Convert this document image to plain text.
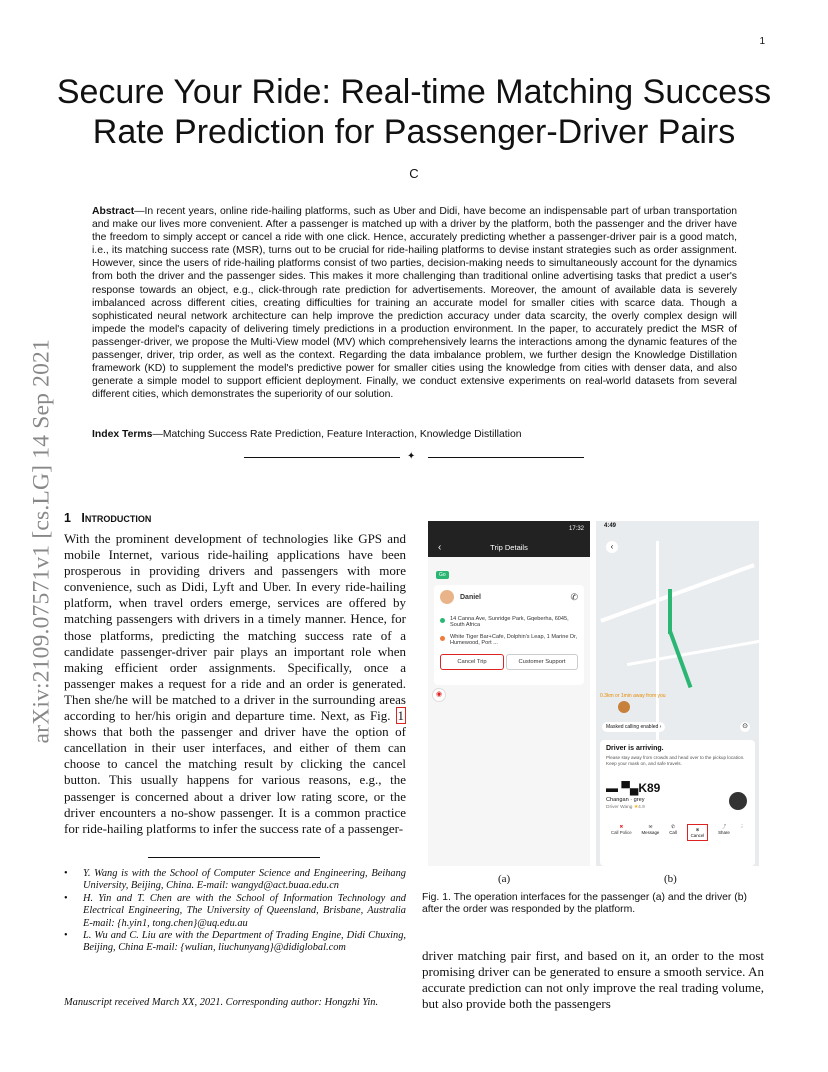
1
Secure Your Ride: Real-time Matching Success Rate Prediction for Passenger-Driver Pairs
C
Abstract—In recent years, online ride-hailing platforms, such as Uber and Didi, have become an indispensable part of urban transportation and make our lives more convenient. After a passenger is matched up with a driver by the platform, both the passenger and the driver have the freedom to simply accept or cancel a ride with one click. Hence, accurately predicting whether a passenger-driver pair is a good match, i.e., its matching success rate (MSR), turns out to be crucial for ride-hailing platforms to devise instant strategies such as order assignment. However, since the users of ride-hailing platforms consist of two parties, decision-making needs to simultaneously account for the dynamics from both the driver and the passenger sides. This makes it more challenging than traditional online advertising tasks that predict a user's response towards an object, e.g., click-through rate prediction for advertisements. Moreover, the amount of available data is severely imbalanced across different cities, creating difficulties for training an accurate model for smaller cities with scarce data. Though a sophisticated neural network architecture can help improve the prediction accuracy under data scarcity, the overly complex design will impede the model's capacity of delivering timely predictions in a production environment. In the paper, to accurately predict the MSR of passenger-driver, we propose the Multi-View model (MV) which comprehensively learns the interactions among the dynamic features of the passenger, driver, trip order, as well as the context. Regarding the data imbalance problem, we further design the Knowledge Distillation framework (KD) to supplement the model's predictive power for smaller cities using the knowledge from cities with denser data, and also generate a simple model to support efficient deployment. Finally, we conduct extensive experiments on real-world datasets from several different cities, which demonstrates the superiority of our solution.
Index Terms—Matching Success Rate Prediction, Feature Interaction, Knowledge Distillation
✦
arXiv:2109.07571v1 [cs.LG] 14 Sep 2021 1 Introduction
With the prominent development of technologies like GPS and mobile Internet, various ride-hailing applications have been prosperous in providing drivers and passengers with more convenience, such as Didi, Lyft and Uber. In every ride-hailing platform, when travel orders emerge, services are offered by matching passengers with drivers in a timely manner. Hence, for those platforms, predicting the matching success rate of a candidate passenger-driver pair plays an important role when making efficient order assignments. Specifically, once a passenger makes a request for a ride and an order is generated. Then she/he will be matched to a driver in the surrounding areas according to her/his origin and departure time. Next, as Fig. 1 shows that both the passenger and driver have the option of cancellation in their user interfaces, and either of them can choose to cancel the matching result by clicking the cancel button. This usually happens for various reasons, e.g., the passenger is concerned about a driver low rating score, or the driver encounters a no-show passenger. It is a common practice for ride-hailing platforms to infer the success rate of a passenger-
• Y. Wang is with the School of Computer Science and Engineering, Beihang University, Beijing, China. E-mail: wangyd@act.buaa.edu.cn
• H. Yin and T. Chen are with the School of Information Technology and Electrical Engineering, The University of Queensland, Brisbane, Australia E-mail: {h.yin1, tong.chen}@uq.edu.au
• L. Wu and C. Liu are with the Department of Trading Engine, Didi Chuxing, Beijing, China E-mail: {wulian, liuchunyang}@didiglobal.com
Manuscript received March XX, 2021. Corresponding author: Hongzhi Yin.
17:32
‹	Trip Details
Go
Daniel	✆
14 Canna Ave, Sunridge Park, Gqeberha, 6045, South Africa
White Tiger Bar+Cafe, Dolphin's Leap, 1 Marine Dr, Humewood, Port ...
Cancel Trip	Customer Support
◉
4:49
‹
0.3km or 1min away from you
Masked calling enabled ›	⊙
Driver is arriving.
Please stay away from crowds and head over to the pickup location. Keep your mask on, and safe travels.
▬ ▀▄K89
Changan · grey
Driver Wang ★4.9
✖
Call Police
✉
Message
✆
Call
⊗
Cancel
⤴
Share
⋮
(a)	(b)
Fig. 1. The operation interfaces for the passenger (a) and the driver (b) after the order was responded by the platform.
driver matching pair first, and based on it, an order to the most promising driver can be generated to ensure a smooth service. An accurate prediction can not only improve the real trading volume, but also provide both the passengers
